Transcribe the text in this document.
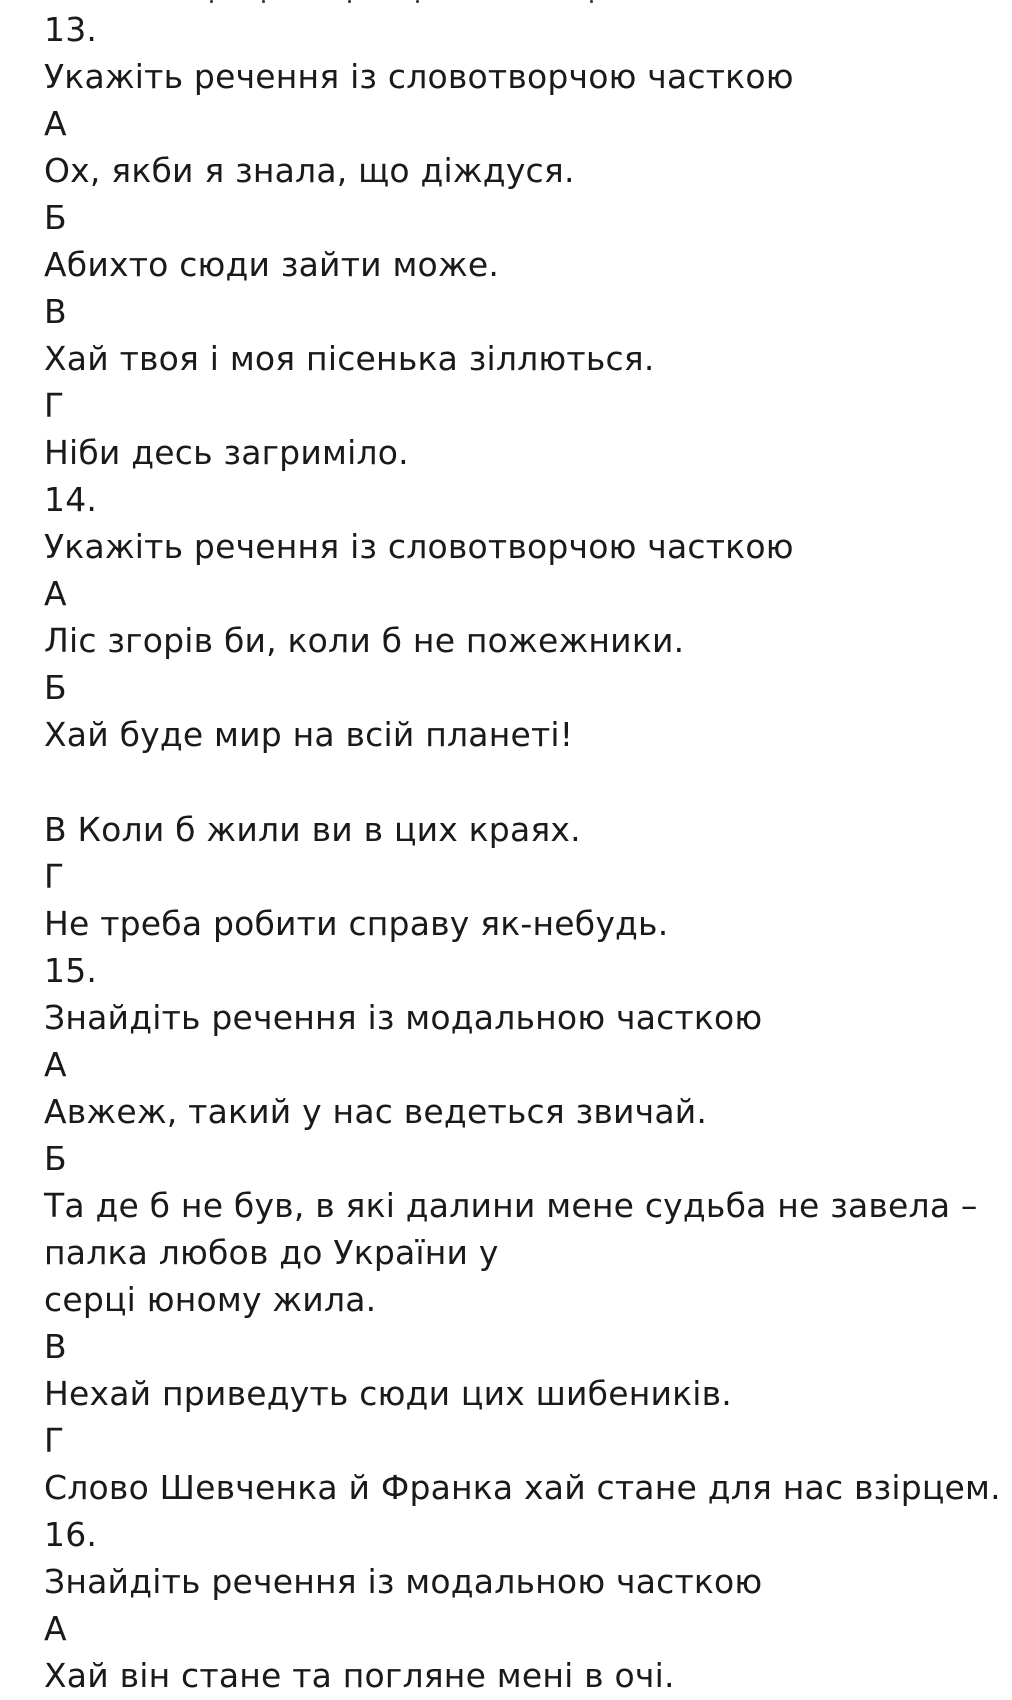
13.
Укажіть речення із словотворчою часткою
А
Ох, якби я знала, що діждуся.
Б
Абихто сюди зайти може.
В
Хай твоя і моя пісенька зіллються.
Г
Ніби десь загриміло.
14.
Укажіть речення із словотворчою часткою
А
Ліс згорів би, коли б не пожежники.
Б
Хай буде мир на всій планеті!
В Коли б жили ви в цих краях.
Г
Не треба робити справу як-небудь.
15.
Знайдіть речення із модальною часткою
А
Авжеж, такий у нас ведеться звичай.
Б
Та де б не був, в які далини мене судьба не завела –
палка любов до України у
серці юному жила.
В
Нехай приведуть сюди цих шибеників.
Г
Слово Шевченка й Франка хай стане для нас взірцем.
16.
Знайдіть речення із модальною часткою
А
Хай він стане та погляне мені в очі.
